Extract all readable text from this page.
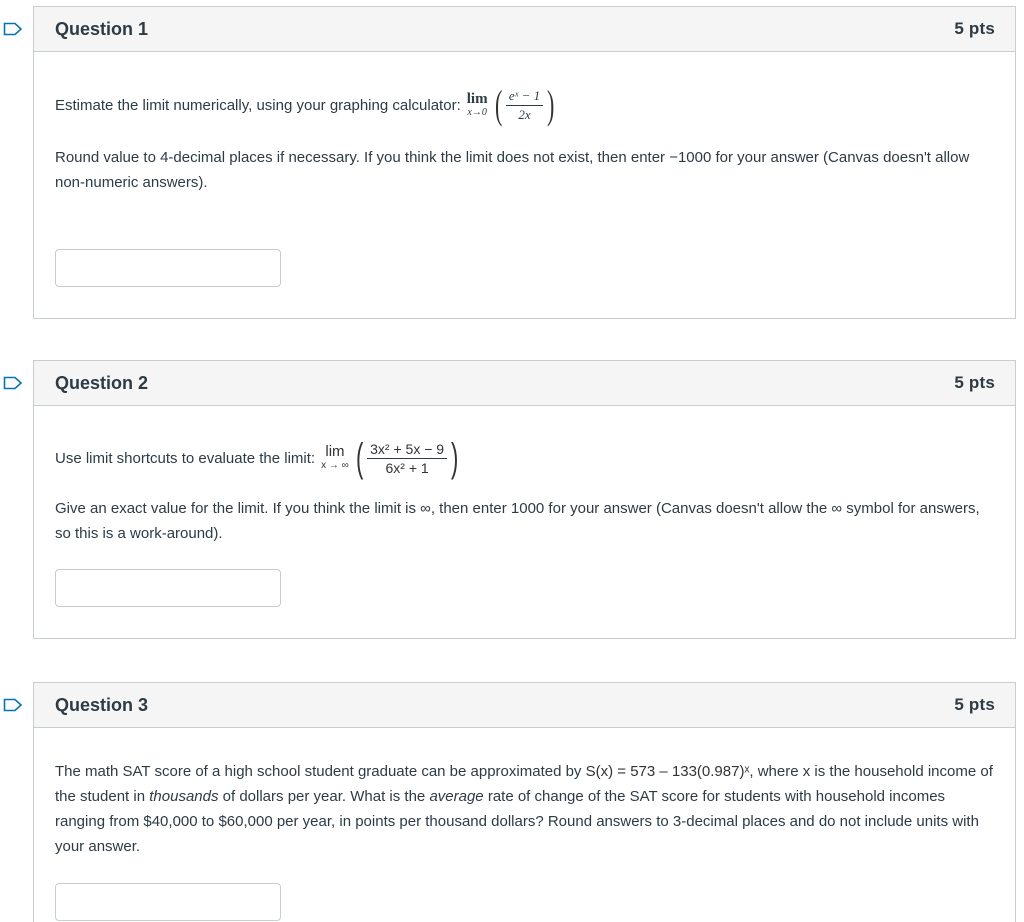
Question 1	5 pts
Estimate the limit numerically, using your graphing calculator: lim
x→0 ( $\frac{\text{eˣ − 1}}{2x}$ )
Round value to 4-decimal places if necessary. If you think the limit does not exist, then enter −1000 for your answer (Canvas doesn't allow non-numeric answers).
Question 2	5 pts
Use limit shortcuts to evaluate the limit: lim
x → ∞ ( $\frac{\text{3x² + 5x − 9}}{\text{6x² + 1}}$ )
Give an exact value for the limit. If you think the limit is ∞, then enter 1000 for your answer (Canvas doesn't allow the ∞ symbol for answers, so this is a work-around).
Question 3	5 pts
The math SAT score of a high school student graduate can be approximated by S(x) = 573 – 133(0.987)ˣ, where x is the household income of the student in thousands of dollars per year. What is the average rate of change of the SAT score for students with household incomes ranging from $40,000 to $60,000 per year, in points per thousand dollars? Round answers to 3-decimal places and do not include units with your answer.
